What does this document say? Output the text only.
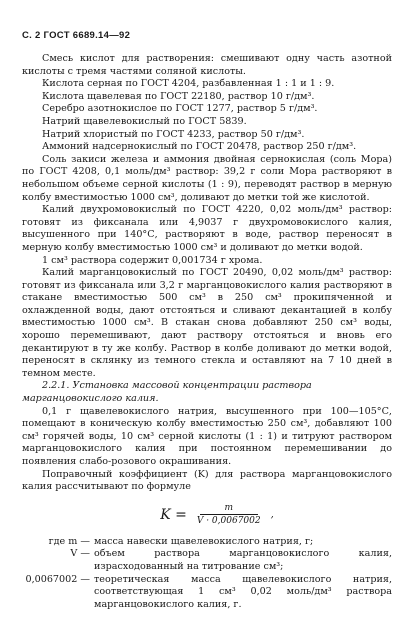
С. 2 ГОСТ 6689.14—92

Смесь кислот для растворения: смешивают одну часть азотной кислоты с тремя частями соляной кислоты.

Кислота серная по ГОСТ 4204, разбавленная 1 : 1 и 1 : 9.

Кислота щавелевая по ГОСТ 22180, раствор 10 г/дм³.

Серебро азотнокислое по ГОСТ 1277, раствор 5 г/дм³.

Натрий щавелевокислый по ГОСТ 5839.

Натрий хлористый по ГОСТ 4233, раствор 50 г/дм³.

Аммоний надсернокислый по ГОСТ 20478, раствор 250 г/дм³.

Соль закиси железа и аммония двойная сернокислая (соль Мора) по ГОСТ 4208, 0,1 моль/дм³ раствор: 39,2 г соли Мора растворяют в небольшом объеме серной кислоты (1 : 9), переводят раствор в мерную колбу вместимостью 1000 см³, доливают до метки той же кислотой.

Калий двухромовокислый по ГОСТ 4220, 0,02 моль/дм³ раствор: готовят из фиксанала или 4,9037 г двухромовокислого калия, высушенного при 140°С, растворяют в воде, раствор переносят в мерную колбу вместимостью 1000 см³ и доливают до метки водой.

1 см³ раствора содержит 0,001734 г хрома.

Калий марганцовокислый по ГОСТ 20490, 0,02 моль/дм³ раствор: готовят из фиксанала или 3,2 г марганцовокислого калия растворяют в стакане вместимостью 500 см³ в 250 см³ прокипяченной и охлажденной воды, дают отстояться и сливают декантацией в колбу вместимостью 1000 см³. В стакан снова добавляют 250 см³ воды, хорошо перемешивают, дают раствору отстояться и вновь его декантируют в ту же колбу. Раствор в колбе доливают до метки водой, переносят в склянку из темного стекла и оставляют на 7 10 дней в темном месте.

2.2.1. Установка массовой концентрации раствора марганцовокислого калия.

0,1 г щавелевокислого натрия, высушенного при 100—105°С, помещают в коническую колбу вместимостью 250 см³, добавляют 100 см³ горячей воды, 10 см³ серной кислоты (1 : 1) и титруют раствором марганцовокислого калия при постоянном перемешивании до появления слабо-розового окрашивания.

Поправочный коэффициент (K) для раствора марганцовокислого калия рассчитывают по формуле

$K = \frac{m}{V \cdot 0,0067002}$ ,
где m — масса навески щавелевокислого натрия, г;
V — объем раствора марганцовокислого калия, израсходованный на титрование см³;
0,0067002 — теоретическая масса щавелевокислого натрия, соответствующая 1 см³ 0,02 моль/дм³ раствора марганцовокислого калия, г.
